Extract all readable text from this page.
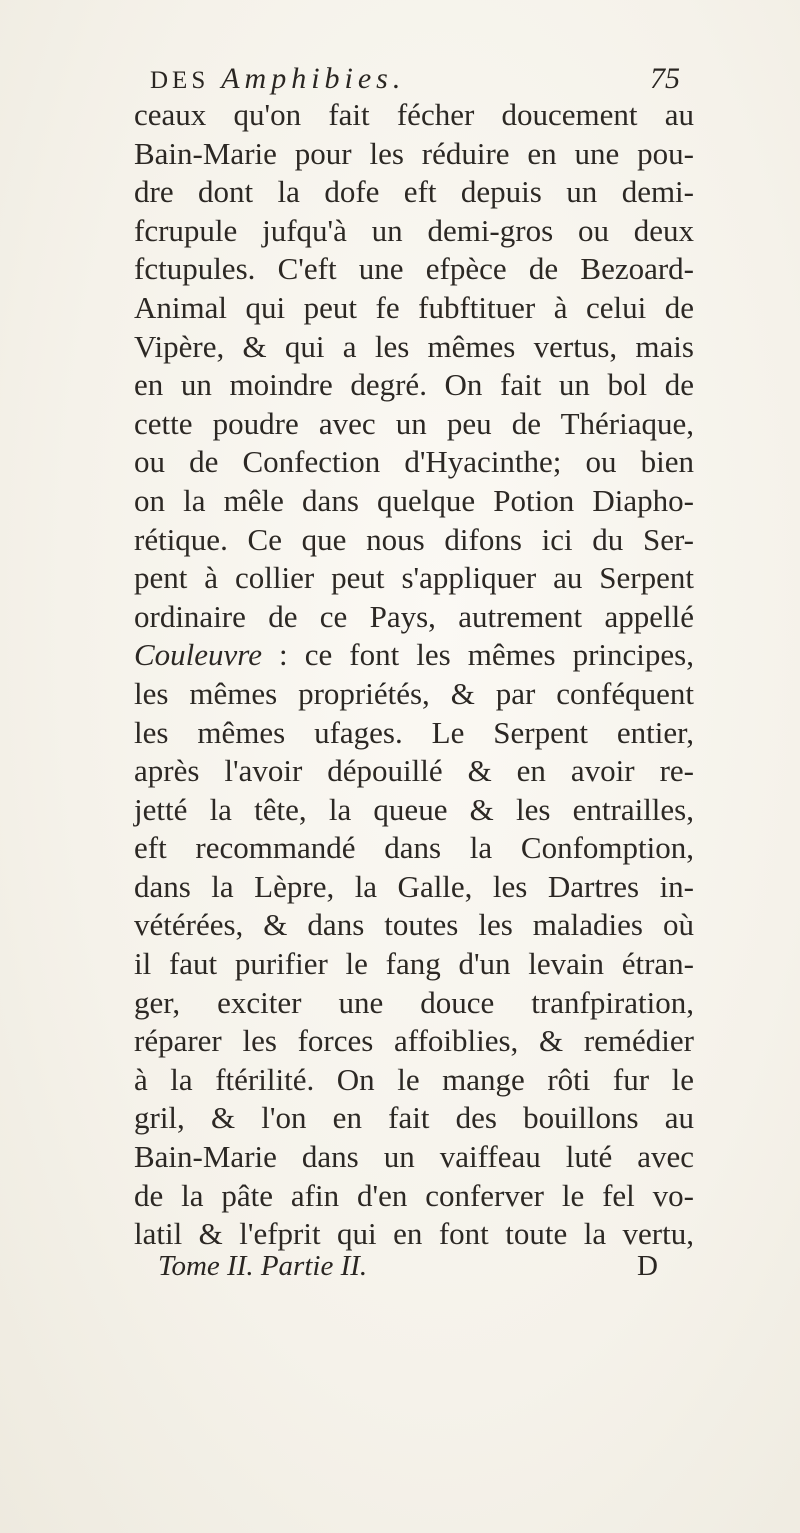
DES Amphibies.	75
ceaux qu'on fait fécher doucement au
Bain-Marie pour les réduire en une pou-
dre dont la dofe eft depuis un demi-
fcrupule jufqu'à un demi-gros ou deux
fctupules. C'eft une efpèce de Bezoard-
Animal qui peut fe fubftituer à celui de
Vipère, & qui a les mêmes vertus, mais
en un moindre degré. On fait un bol de
cette poudre avec un peu de Thériaque,
ou de Confection d'Hyacinthe; ou bien
on la mêle dans quelque Potion Diapho-
rétique. Ce que nous difons ici du Ser-
pent à collier peut s'appliquer au Serpent
ordinaire de ce Pays, autrement appellé
Couleuvre : ce font les mêmes principes,
les mêmes propriétés, & par conféquent
les mêmes ufages. Le Serpent entier,
après l'avoir dépouillé & en avoir re-
jetté la tête, la queue & les entrailles,
eft recommandé dans la Confomption,
dans la Lèpre, la Galle, les Dartres in-
vétérées, & dans toutes les maladies où
il faut purifier le fang d'un levain étran-
ger, exciter une douce tranfpiration,
réparer les forces affoiblies, & remédier
à la ftérilité. On le mange rôti fur le
gril, & l'on en fait des bouillons au
Bain-Marie dans un vaiffeau luté avec
de la pâte afin d'en conferver le fel vo-
latil & l'efprit qui en font toute la vertu,
Tome II. Partie II.	D
